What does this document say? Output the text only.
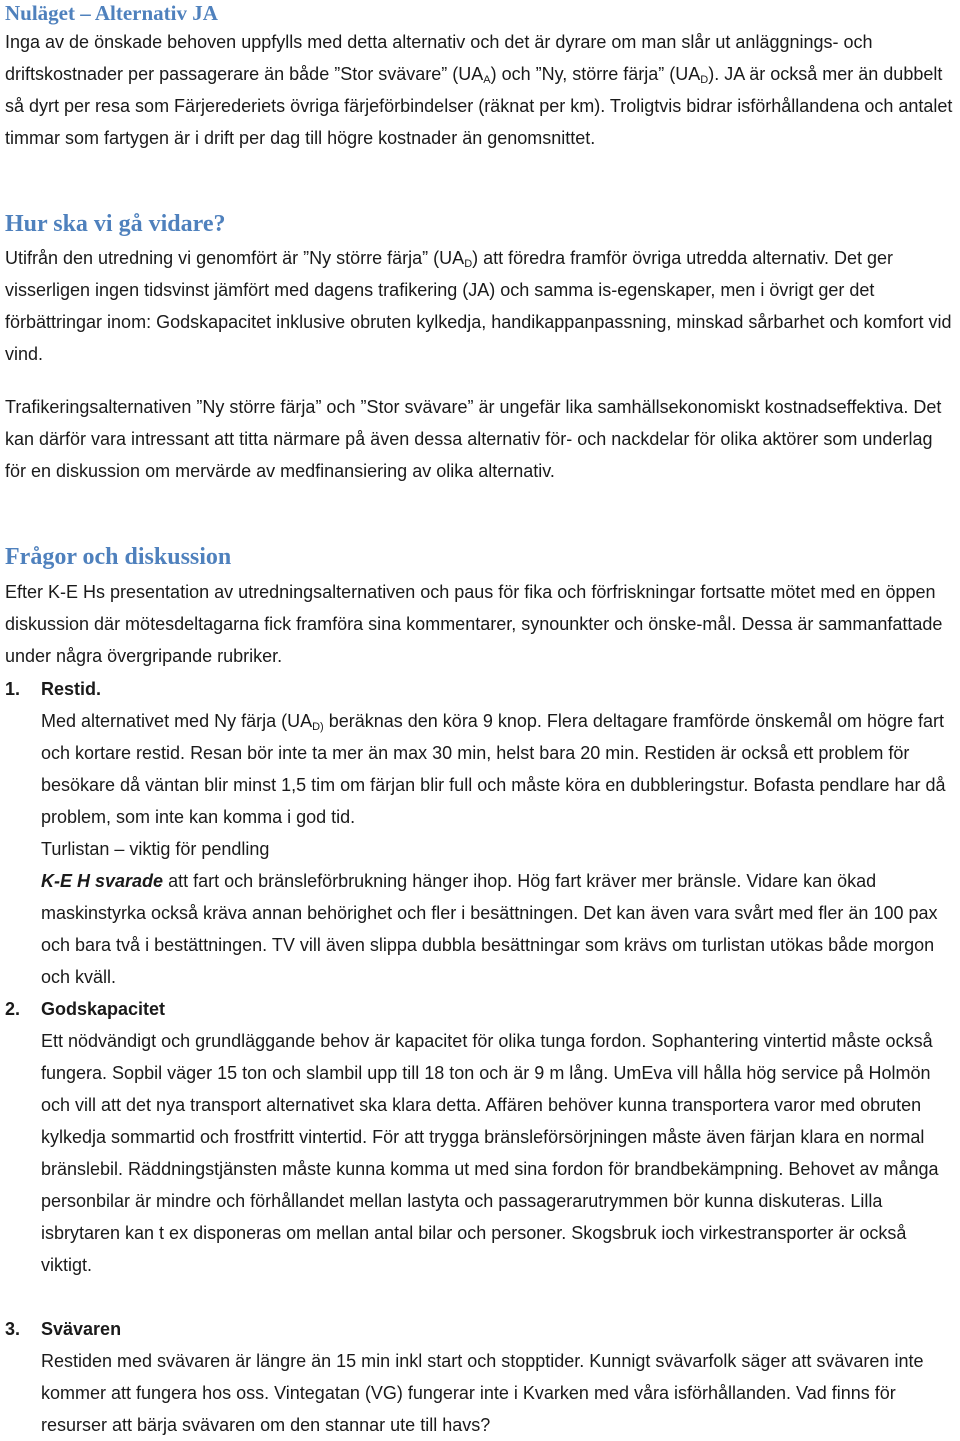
Nuläget – Alternativ JA

Inga av de önskade behoven uppfylls med detta alternativ och det är dyrare om man slår ut anläggnings- och driftskostnader per passagerare än både ”Stor svävare” $(UA_A)$ och ”Ny, större färja” $(UA_D)$. JA är också mer än dubbelt så dyrt per resa som Färjerederiets övriga färjeförbindelser (räknat per km). Troligtvis bidrar isförhållandena och antalet timmar som fartygen är i drift per dag till högre kostnader än genomsnittet.

Hur ska vi gå vidare?

Utifrån den utredning vi genomfört är ”Ny större färja” $(UA_D)$ att föredra framför övriga utredda alternativ. Det ger visserligen ingen tidsvinst jämfört med dagens trafikering (JA) och samma is-egenskaper, men i övrigt ger det förbättringar inom: Godskapacitet inklusive obruten kylkedja, handikappanpassning, minskad sårbarhet och komfort vid vind.

Trafikeringsalternativen ”Ny större färja” och ”Stor svävare” är ungefär lika samhällsekonomiskt kostnadseffektiva. Det kan därför vara intressant att titta närmare på även dessa alternativ för- och nackdelar för olika aktörer som underlag för en diskussion om mervärde av medfinansiering av olika alternativ.

Frågor och diskussion

Efter K-E Hs presentation av utredningsalternativen och paus för fika och förfriskningar fortsatte mötet med en öppen diskussion där mötesdeltagarna fick framföra sina kommentarer, synounkter och önske-mål. Dessa är sammanfattade under några övergripande rubriker.

1. Restid.

Med alternativet med Ny färja ($UA_{D)}$ beräknas den köra 9 knop. Flera deltagare framförde önskemål om högre fart och kortare restid. Resan bör inte ta mer än max 30 min, helst bara 20 min. Restiden är också ett problem för besökare då väntan blir minst 1,5 tim om färjan blir full och måste köra en dubbleringstur. Bofasta pendlare har då problem, som inte kan komma i god tid.

Turlistan – viktig för pendling

K-E H svarade att fart och bränsleförbrukning hänger ihop. Hög fart kräver mer bränsle. Vidare kan ökad maskinstyrka också kräva annan behörighet och fler i besättningen. Det kan även vara svårt med fler än 100 pax och bara två i bestättningen. TV vill även slippa dubbla besättningar som krävs om turlistan utökas både morgon och kväll.

2. Godskapacitet

Ett nödvändigt och grundläggande behov är kapacitet för olika tunga fordon. Sophantering vintertid måste också fungera. Sopbil väger 15 ton och slambil upp till 18 ton och är 9 m lång. UmEva vill hålla hög service på Holmön och vill att det nya transport alternativet ska klara detta. Affären behöver kunna transportera varor med obruten kylkedja sommartid och frostfritt vintertid. För att trygga bränsleförsörjningen måste även färjan klara en normal bränslebil. Räddningstjänsten måste kunna komma ut med sina fordon för brandbekämpning. Behovet av många personbilar är mindre och förhållandet mellan lastyta och passagerarutrymmen bör kunna diskuteras. Lilla isbrytaren kan t ex disponeras om mellan antal bilar och personer. Skogsbruk ioch virkestransporter är också viktigt.

3. Svävaren

Restiden med svävaren är längre än 15 min inkl start och stopptider. Kunnigt svävarfolk säger att svävaren inte kommer att fungera hos oss. Vintegatan (VG) fungerar inte i Kvarken med våra isförhållanden. Vad finns för resurser att bärja svävaren om den stannar ute till havs?
